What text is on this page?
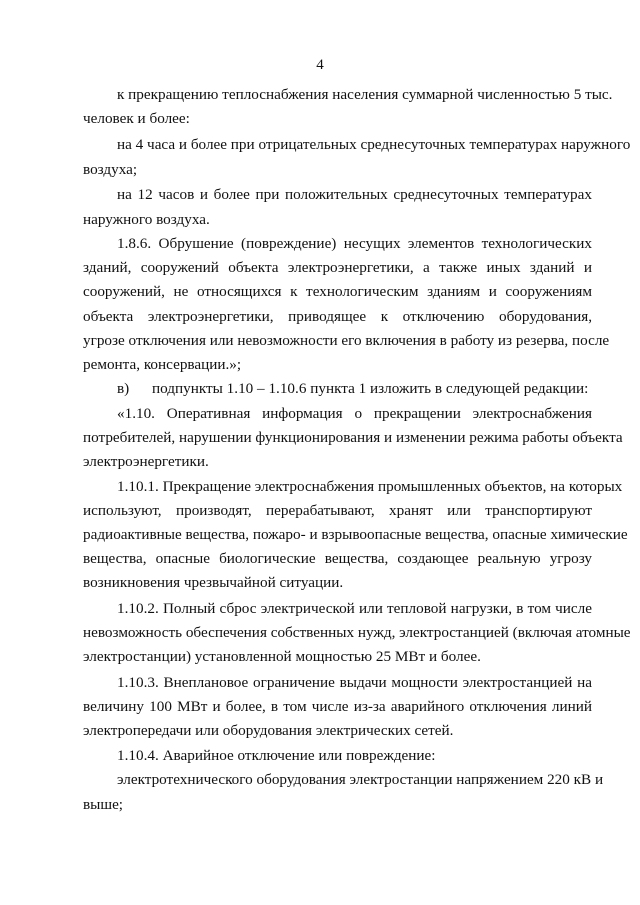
4
к прекращению теплоснабжения населения суммарной численностью 5 тыс.
человек и более:
на 4 часа и более при отрицательных среднесуточных температурах наружного
воздуха;
на 12 часов и более при положительных среднесуточных температурах
наружного воздуха.
1.8.6. Обрушение (повреждение) несущих элементов технологических
зданий, сооружений объекта электроэнергетики, а также иных зданий и
сооружений, не относящихся к технологическим зданиям и сооружениям
объекта электроэнергетики, приводящее к отключению оборудования,
угрозе отключения или невозможности его включения в работу из резерва, после
ремонта, консервации.»;
в)      подпункты 1.10 – 1.10.6 пункта 1 изложить в следующей редакции:
«1.10. Оперативная информация о прекращении электроснабжения
потребителей, нарушении функционирования и изменении режима работы объекта
электроэнергетики.
1.10.1. Прекращение электроснабжения промышленных объектов, на которых
используют, производят, перерабатывают, хранят или транспортируют
радиоактивные вещества, пожаро- и взрывоопасные вещества, опасные химические
вещества, опасные биологические вещества, создающее реальную угрозу
возникновения чрезвычайной ситуации.
1.10.2. Полный сброс электрической или тепловой нагрузки, в том числе
невозможность обеспечения собственных нужд, электростанцией (включая атомные
электростанции) установленной мощностью 25 МВт и более.
1.10.3. Внеплановое ограничение выдачи мощности электростанцией на
величину 100 МВт и более, в том числе из-за аварийного отключения линий
электропередачи или оборудования электрических сетей.
1.10.4. Аварийное отключение или повреждение:
электротехнического оборудования электростанции напряжением 220 кВ и
выше;
